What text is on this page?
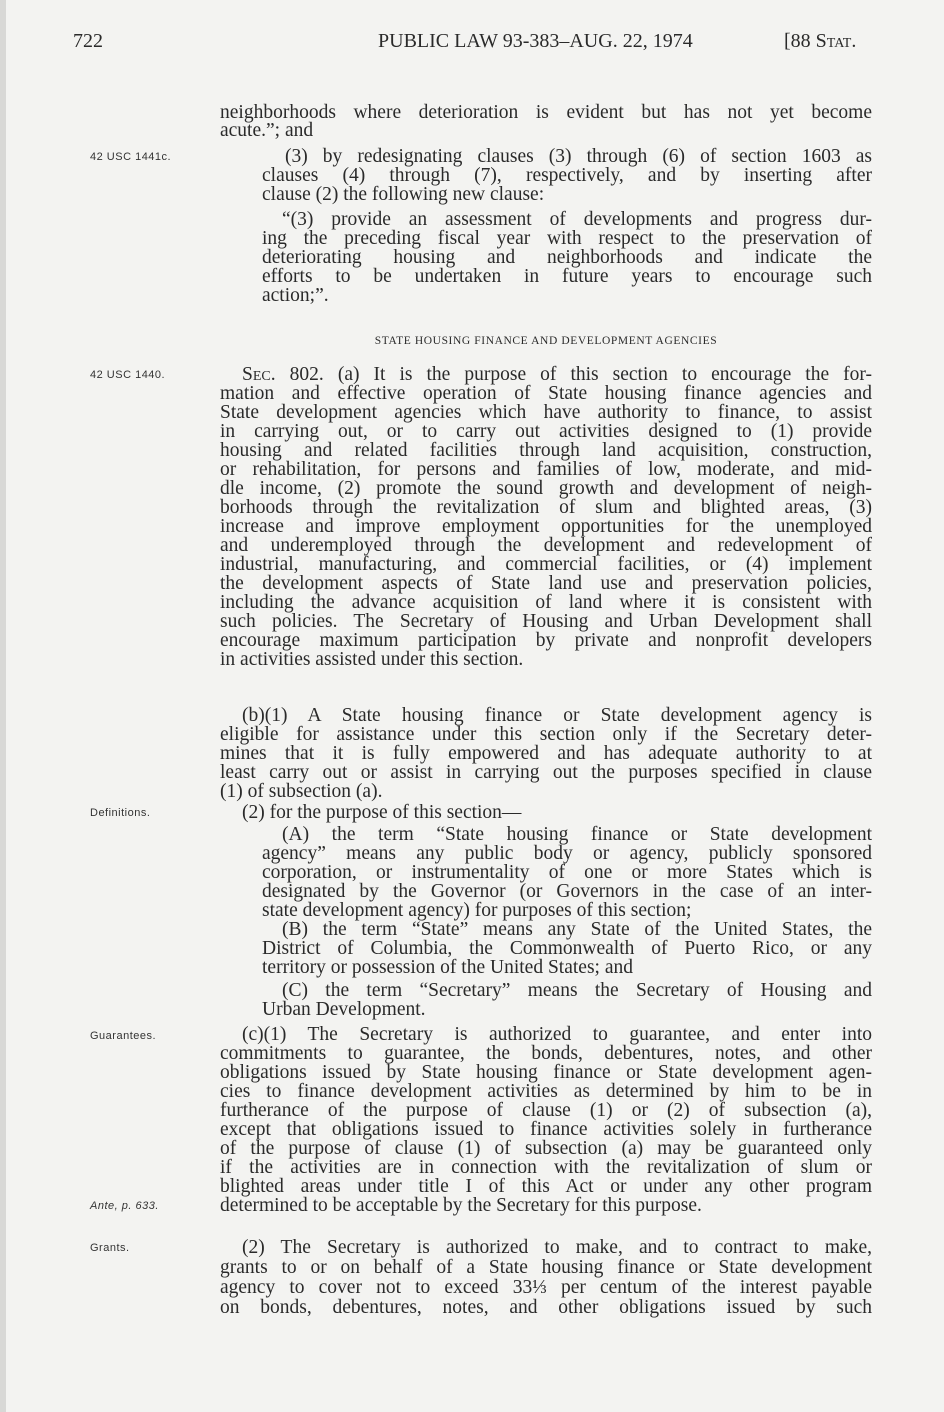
722	PUBLIC LAW 93-383–AUG. 22, 1974	[88 Stat.
42 USC 1441c.
42 USC 1440.
Definitions.
Guarantees.
Ante, p. 633.
Grants.
STATE HOUSING FINANCE AND DEVELOPMENT AGENCIES
neighborhoods where deterioration is evident but has not yet become
acute.”; and
(3) by redesignating clauses (3) through (6) of section 1603 as
clauses (4) through (7), respectively, and by inserting after
clause (2) the following new clause:
“(3) provide an assessment of developments and progress dur-
ing the preceding fiscal year with respect to the preservation of
deteriorating housing and neighborhoods and indicate the
efforts to be undertaken in future years to encourage such
action;”.
Sec. 802. (a) It is the purpose of this section to encourage the for-
mation and effective operation of State housing finance agencies and
State development agencies which have authority to finance, to assist
in carrying out, or to carry out activities designed to (1) provide
housing and related facilities through land acquisition, construction,
or rehabilitation, for persons and families of low, moderate, and mid-
dle income, (2) promote the sound growth and development of neigh-
borhoods through the revitalization of slum and blighted areas, (3)
increase and improve employment opportunities for the unemployed
and underemployed through the development and redevelopment of
industrial, manufacturing, and commercial facilities, or (4) implement
the development aspects of State land use and preservation policies,
including the advance acquisition of land where it is consistent with
such policies. The Secretary of Housing and Urban Development shall
encourage maximum participation by private and nonprofit developers
in activities assisted under this section.
(b)(1) A State housing finance or State development agency is
eligible for assistance under this section only if the Secretary deter-
mines that it is fully empowered and has adequate authority to at
least carry out or assist in carrying out the purposes specified in clause
(1) of subsection (a).
(2) for the purpose of this section—
(A) the term “State housing finance or State development
agency” means any public body or agency, publicly sponsored
corporation, or instrumentality of one or more States which is
designated by the Governor (or Governors in the case of an inter-
state development agency) for purposes of this section;
(B) the term “State” means any State of the United States, the
District of Columbia, the Commonwealth of Puerto Rico, or any
territory or possession of the United States; and
(C) the term “Secretary” means the Secretary of Housing and
Urban Development.
(c)(1) The Secretary is authorized to guarantee, and enter into
commitments to guarantee, the bonds, debentures, notes, and other
obligations issued by State housing finance or State development agen-
cies to finance development activities as determined by him to be in
furtherance of the purpose of clause (1) or (2) of subsection (a),
except that obligations issued to finance activities solely in furtherance
of the purpose of clause (1) of subsection (a) may be guaranteed only
if the activities are in connection with the revitalization of slum or
blighted areas under title I of this Act or under any other program
determined to be acceptable by the Secretary for this purpose.
(2) The Secretary is authorized to make, and to contract to make,
grants to or on behalf of a State housing finance or State development
agency to cover not to exceed 33⅓ per centum of the interest payable
on bonds, debentures, notes, and other obligations issued by such
